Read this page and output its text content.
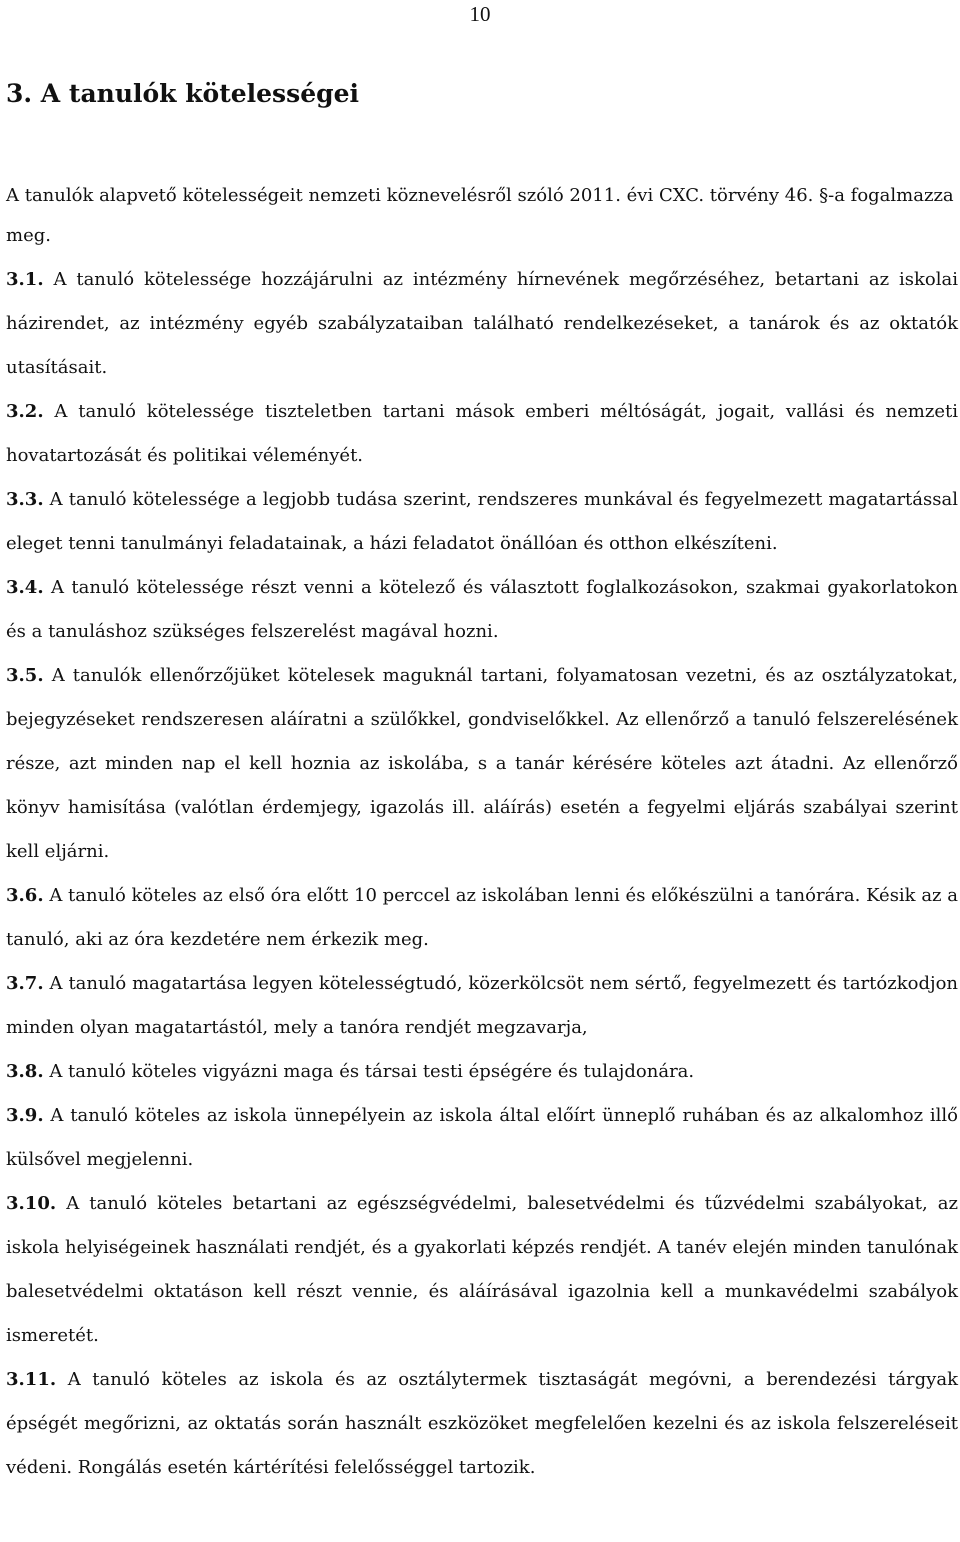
10
3. A tanulók kötelességei

A tanulók alapvető kötelességeit nemzeti köznevelésről szóló 2011. évi CXC. törvény 46. §-a fogalmazza meg.

3.1. A tanuló kötelessége hozzájárulni az intézmény hírnevének megőrzéséhez, betartani az iskolai házirendet, az intézmény egyéb szabályzataiban található rendelkezéseket, a tanárok és az oktatók utasításait.

3.2. A tanuló kötelessége tiszteletben tartani mások emberi méltóságát, jogait, vallási és nemzeti hovatartozását és politikai véleményét.

3.3. A tanuló kötelessége a legjobb tudása szerint, rendszeres munkával és fegyelmezett magatartással eleget tenni tanulmányi feladatainak, a házi feladatot önállóan és otthon elkészíteni.

3.4. A tanuló kötelessége részt venni a kötelező és választott foglalkozásokon, szakmai gyakorlatokon és a tanuláshoz szükséges felszerelést magával hozni.

3.5. A tanulók ellenőrzőjüket kötelesek maguknál tartani, folyamatosan vezetni, és az osztályzatokat, bejegyzéseket rendszeresen aláíratni a szülőkkel, gondviselőkkel. Az ellenőrző a tanuló felszerelésének része, azt minden nap el kell hoznia az iskolába, s a tanár kérésére köteles azt átadni. Az ellenőrző könyv hamisítása (valótlan érdemjegy, igazolás ill. aláírás) esetén a fegyelmi eljárás szabályai szerint kell eljárni.

3.6. A tanuló köteles az első óra előtt 10 perccel az iskolában lenni és előkészülni a tanórára. Késik az a tanuló, aki az óra kezdetére nem érkezik meg.

3.7. A tanuló magatartása legyen kötelességtudó, közerkölcsöt nem sértő, fegyelmezett és tartózkodjon minden olyan magatartástól, mely a tanóra rendjét megzavarja,

3.8. A tanuló köteles vigyázni maga és társai testi épségére és tulajdonára.

3.9. A tanuló köteles az iskola ünnepélyein az iskola által előírt ünneplő ruhában és az alkalomhoz illő külsővel megjelenni.

3.10. A tanuló köteles betartani az egészségvédelmi, balesetvédelmi és tűzvédelmi szabályokat, az iskola helyiségeinek használati rendjét, és a gyakorlati képzés rendjét. A tanév elején minden tanulónak balesetvédelmi oktatáson kell részt vennie, és aláírásával igazolnia kell a munkavédelmi szabályok ismeretét.

3.11. A tanuló köteles az iskola és az osztálytermek tisztaságát megóvni, a berendezési tárgyak épségét megőrizni, az oktatás során használt eszközöket megfelelően kezelni és az iskola felszereléseit védeni. Rongálás esetén kártérítési felelősséggel tartozik.
